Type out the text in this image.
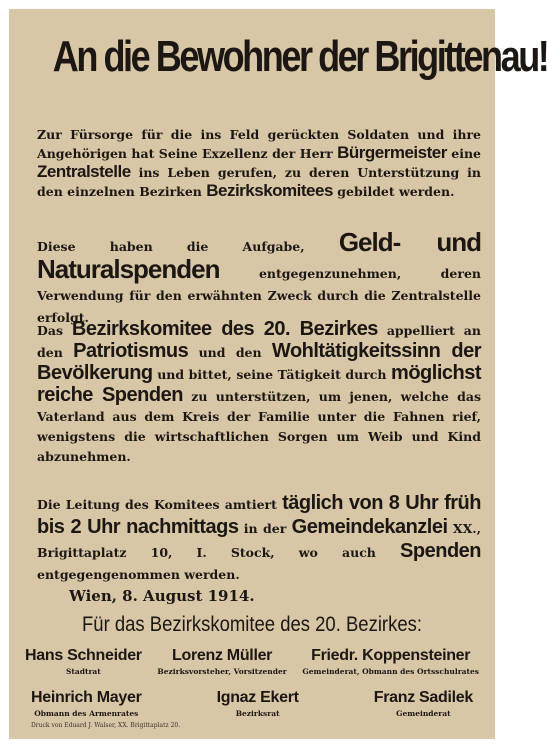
An die Bewohner der Brigittenau!
Zur Fürsorge für die ins Feld gerückten Soldaten und ihre Angehörigen hat Seine Exzellenz der Herr Bürgermeister eine Zentralstelle ins Leben gerufen, zu deren Unterstützung in den einzelnen Bezirken Bezirkskomitees gebildet werden.
Diese haben die Aufgabe, Geld- und Naturalspenden entgegenzunehmen, deren Verwendung für den erwähnten Zweck durch die Zentralstelle erfolgt.
Das Bezirkskomitee des 20. Bezirkes appelliert an den Patriotismus und den Wohltätigkeitssinn der Bevölkerung und bittet, seine Tätigkeit durch möglichst reiche Spenden zu unterstützen, um jenen, welche das Vaterland aus dem Kreis der Familie unter die Fahnen rief, wenigstens die wirtschaftlichen Sorgen um Weib und Kind abzunehmen.
Die Leitung des Komitees amtiert täglich von 8 Uhr früh bis 2 Uhr nachmittags in der Gemeindekanzlei XX., Brigittaplatz 10, I. Stock, wo auch Spenden entgegengenommen werden.
Wien, 8. August 1914.
Für das Bezirkskomitee des 20. Bezirkes:
Hans Schneider
Stadtrat
Lorenz Müller
Bezirksvorsteher, Vorsitzender
Friedr. Koppensteiner
Gemeinderat, Obmann des Ortsschulrates
Heinrich Mayer
Obmann des Armenrates
Ignaz Ekert
Bezirksrat
Franz Sadilek
Gemeinderat
Druck von Eduard J. Walser, XX. Brigittaplatz 20.
